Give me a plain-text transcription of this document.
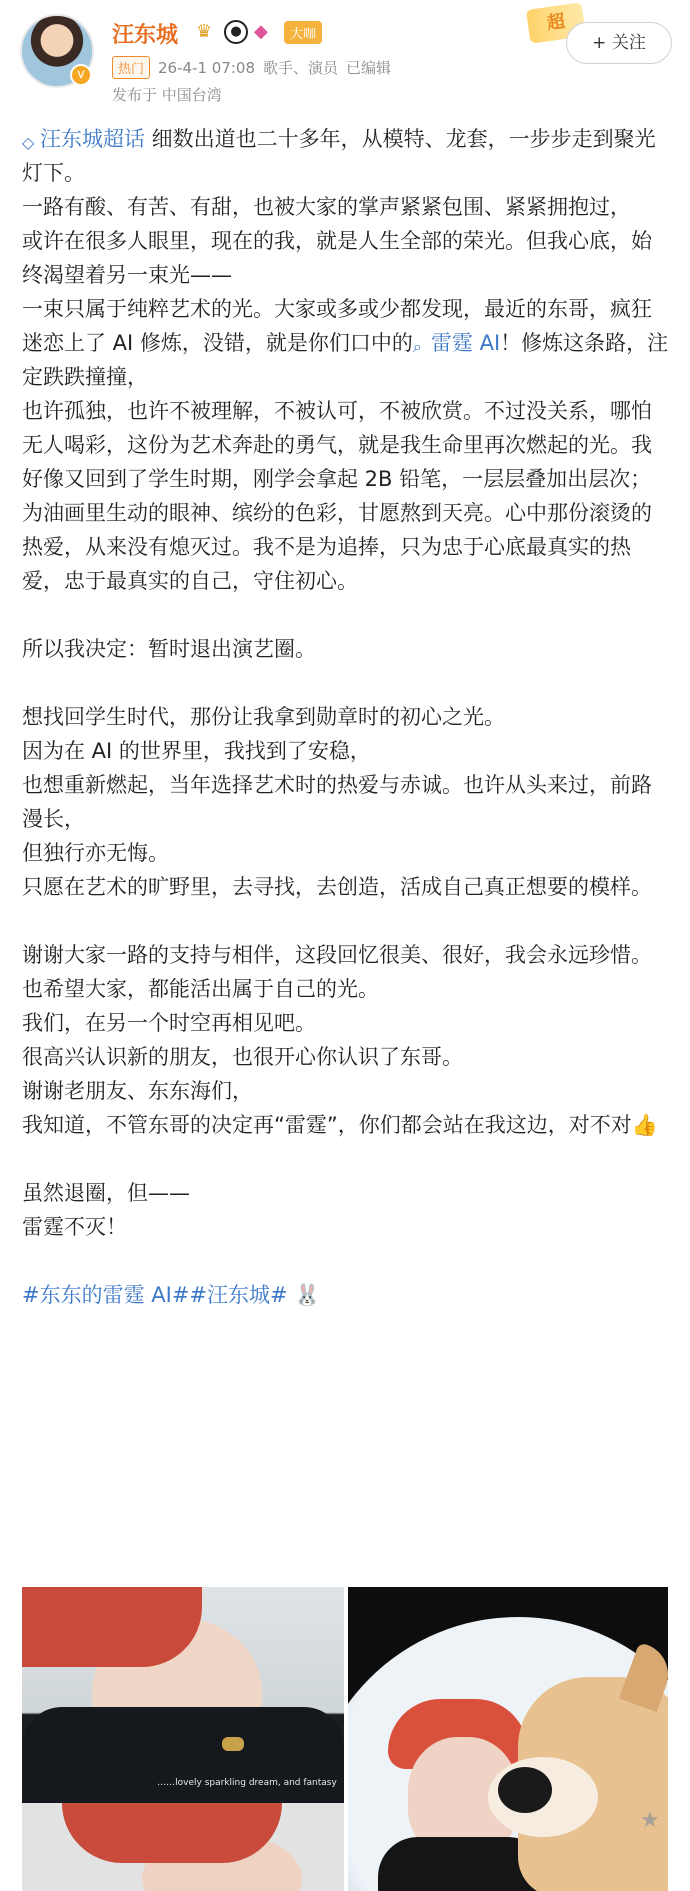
v
汪东城 ♛	● ◆	大咖
热门 26-4-1 07:08 歌手、演员 已编辑
发布于 中国台湾
超
+ 关注

◇ 汪东城超话 细数出道也二十多年，从模特、龙套，一步步走到聚光灯下。

一路有酸、有苦、有甜，也被大家的掌声紧紧包围、紧紧拥抱过，

或许在很多人眼里，现在的我，就是人生全部的荣光。但我心底，始终渴望着另一束光——

一束只属于纯粹艺术的光。大家或多或少都发现，最近的东哥，疯狂迷恋上了 AI 修炼，没错，就是你们口中的⌕ 雷霆 AI！修炼这条路，注定跌跌撞撞，

也许孤独，也许不被理解，不被认可，不被欣赏。不过没关系，哪怕无人喝彩，这份为艺术奔赴的勇气，就是我生命里再次燃起的光。我好像又回到了学生时期，刚学会拿起 2B 铅笔，一层层叠加出层次；为油画里生动的眼神、缤纷的色彩，甘愿熬到天亮。心中那份滚烫的热爱，从来没有熄灭过。我不是为追捧，只为忠于心底最真实的热爱，忠于最真实的自己，守住初心。

所以我决定：暂时退出演艺圈。

想找回学生时代，那份让我拿到勋章时的初心之光。

因为在 AI 的世界里，我找到了安稳，

也想重新燃起，当年选择艺术时的热爱与赤诚。也许从头来过，前路漫长，

但独行亦无悔。

只愿在艺术的旷野里，去寻找，去创造，活成自己真正想要的模样。

谢谢大家一路的支持与相伴，这段回忆很美、很好，我会永远珍惜。

也希望大家，都能活出属于自己的光。

我们，在另一个时空再相见吧。

很高兴认识新的朋友，也很开心你认识了东哥。

谢谢老朋友、东东海们，

我知道，不管东哥的决定再“雷霆”，你们都会站在我这边，对不对👍

虽然退圈，但——

雷霆不灭！

#东东的雷霆 AI##汪东城# 🐰

……lovely sparkling dream, and fantasy
★
